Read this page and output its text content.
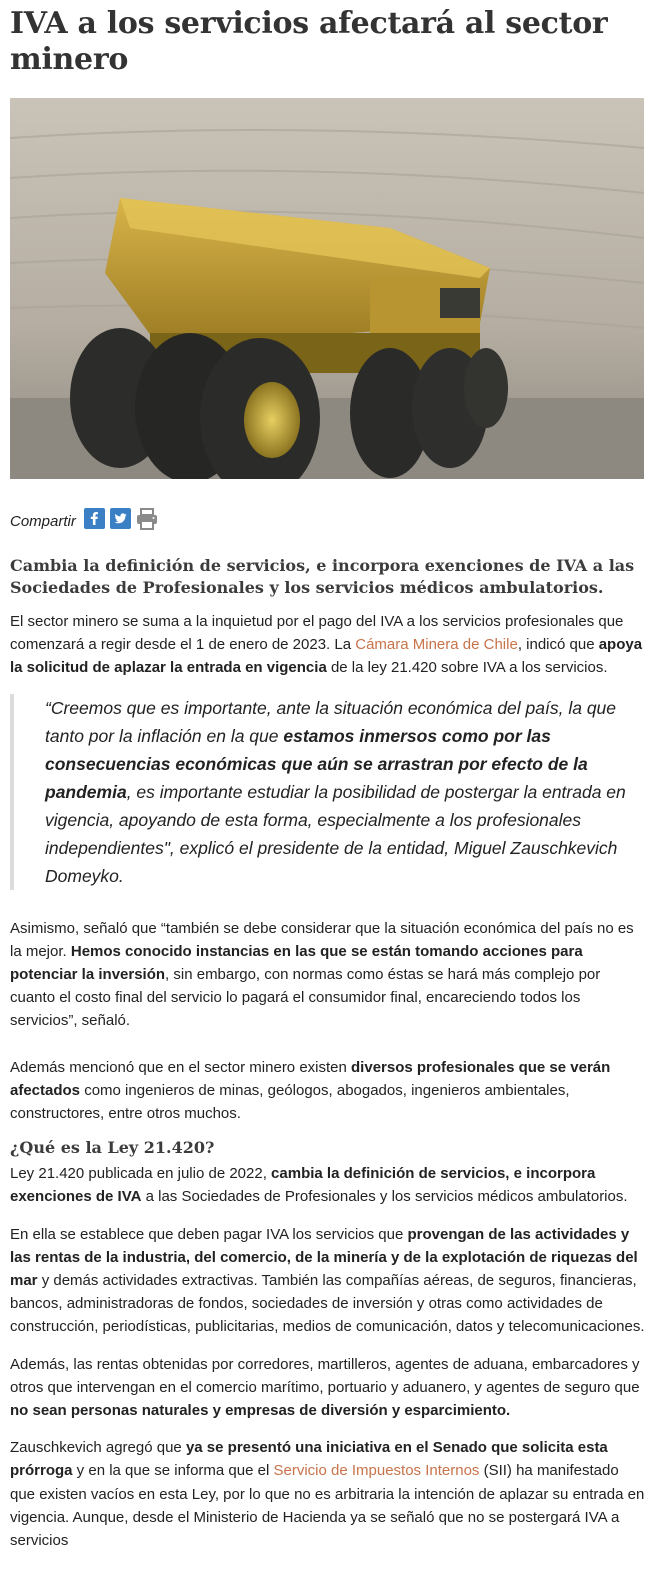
IVA a los servicios afectará al sector minero
Compartir
Cambia la definición de servicios, e incorpora exenciones de IVA a las Sociedades de Profesionales y los servicios médicos ambulatorios.

El sector minero se suma a la inquietud por el pago del IVA a los servicios profesionales que comenzará a regir desde el 1 de enero de 2023. La Cámara Minera de Chile, indicó que apoya la solicitud de aplazar la entrada en vigencia de la ley 21.420 sobre IVA a los servicios.

“Creemos que es importante, ante la situación económica del país, la que tanto por la inflación en la que estamos inmersos como por las consecuencias económicas que aún se arrastran por efecto de la pandemia, es importante estudiar la posibilidad de postergar la entrada en vigencia, apoyando de esta forma, especialmente a los profesionales independientes", explicó el presidente de la entidad, Miguel Zauschkevich Domeyko.

Asimismo, señaló que “también se debe considerar que la situación económica del país no es la mejor. Hemos conocido instancias en las que se están tomando acciones para potenciar la inversión, sin embargo, con normas como éstas se hará más complejo por cuanto el costo final del servicio lo pagará el consumidor final, encareciendo todos los servicios”, señaló.

Además mencionó que en el sector minero existen diversos profesionales que se verán afectados como ingenieros de minas, geólogos, abogados, ingenieros ambientales, constructores, entre otros muchos.

¿Qué es la Ley 21.420?

Ley 21.420 publicada en julio de 2022, cambia la definición de servicios, e incorpora exenciones de IVA a las Sociedades de Profesionales y los servicios médicos ambulatorios.

En ella se establece que deben pagar IVA los servicios que provengan de las actividades y las rentas de la industria, del comercio, de la minería y de la explotación de riquezas del mar y demás actividades extractivas. También las compañías aéreas, de seguros, financieras, bancos, administradoras de fondos, sociedades de inversión y otras como actividades de construcción, periodísticas, publicitarias, medios de comunicación, datos y telecomunicaciones.

Además, las rentas obtenidas por corredores, martilleros, agentes de aduana, embarcadores y otros que intervengan en el comercio marítimo, portuario y aduanero, y agentes de seguro que no sean personas naturales y empresas de diversión y esparcimiento.

Zauschkevich agregó que ya se presentó una iniciativa en el Senado que solicita esta prórroga y en la que se informa que el Servicio de Impuestos Internos (SII) ha manifestado que existen vacíos en esta Ley, por lo que no es arbitraria la intención de aplazar su entrada en vigencia. Aunque, desde el Ministerio de Hacienda ya se señaló que no se postergará IVA a servicios
